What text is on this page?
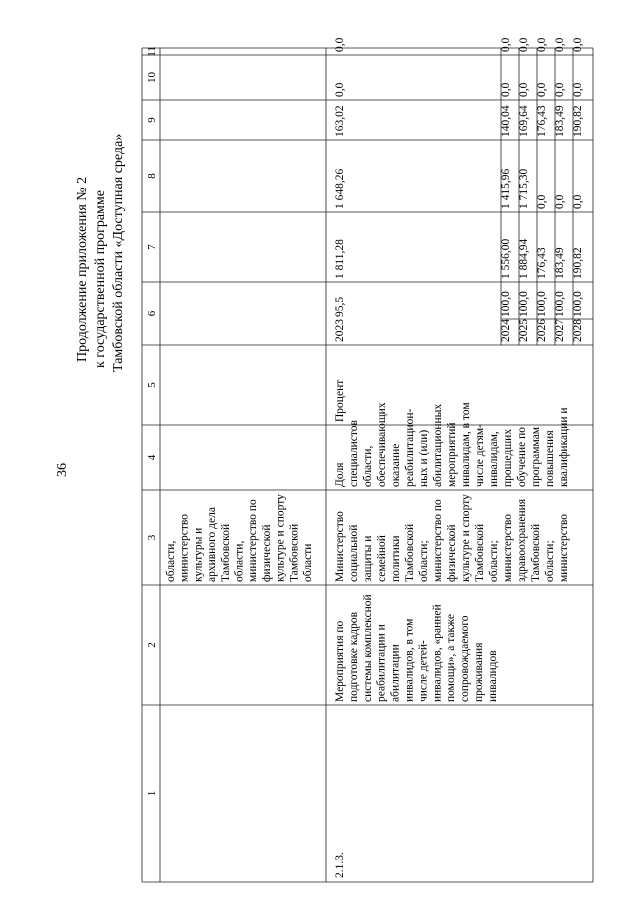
36
Продолжение приложения № 2 к государственной программе Тамбовской области «Доступная среда»
1
2
3
4
5
6
7
8
9
10
11
области, министерство культуры и архивного дела Тамбовской области, министерство по физической культуре и спорту Тамбовской области
2.1.3.
Мероприятия по подготовке кадров системы комплексной реабилитации и абилитации инвалидов, в том числе детей- инвалидов, «ранней помощи», а также сопровождаемого проживания инвалидов
Министерство социальной защиты и семейной политики Тамбовской области; министерство по физической культуре и спорту Тамбовской области; министерство здравоохранения Тамбовской области; министерство
Доля специалистов области, обеспечивающих оказание реабилитацион- ных и (или) абилитационных мероприятий инвалидам, в том числе детям- инвалидам, прошедших обучение по программам повышения квалификации и
Процент
2023
95,5
1 811,28
1 648,26
163,02
0,0
0,0
2024
100,0
1 556,00
1 415,96
140,04
0,0
0,0
2025
100,0
1 884,94
1 715,30
169,64
0,0
0,0
2026
100,0
176,43
0,0
176,43
0,0
0,0
2027
100,0
183,49
0,0
183,49
0,0
0,0
2028
100,0
190,82
0,0
190,82
0,0
0,0
